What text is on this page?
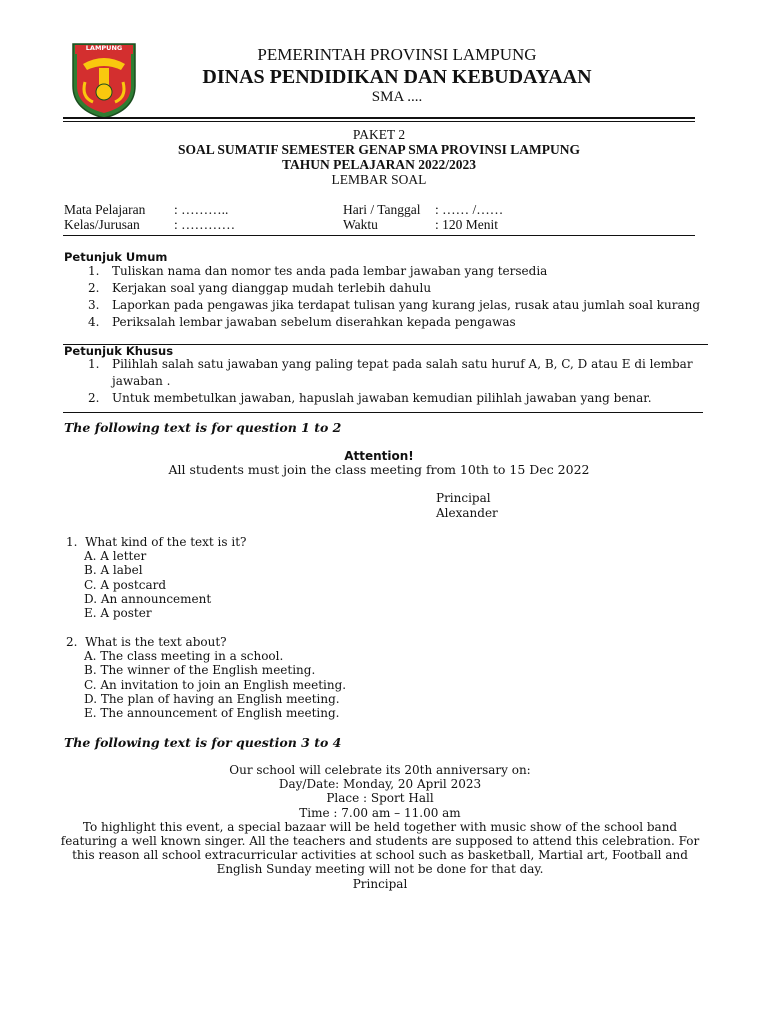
LAMPUNG	PEMERINTAH PROVINSI LAMPUNG
DINAS PENDIDIKAN DAN KEBUDAYAAN
SMA ....
PAKET 2
SOAL SUMATIF SEMESTER GENAP SMA PROVINSI LAMPUNG
TAHUN PELAJARAN 2022/2023
LEMBAR SOAL
Mata Pelajaran : ………..	Hari / Tanggal : …… /……
Kelas/Jurusan	: …………	Waktu	: 120 Menit
Petunjuk Umum
1. Tuliskan nama dan nomor tes anda pada lembar jawaban yang tersedia
2. Kerjakan soal yang dianggap mudah terlebih dahulu
3. Laporkan pada pengawas jika terdapat tulisan yang kurang jelas, rusak atau jumlah soal kurang
4. Periksalah lembar jawaban sebelum diserahkan kepada pengawas
Petunjuk Khusus
1. Pilihlah salah satu jawaban yang paling tepat pada salah satu huruf A, B, C, D atau E di lembar jawaban .
2. Untuk membetulkan jawaban, hapuslah jawaban kemudian pilihlah jawaban yang benar.
The following text is for question 1 to 2
Attention!
All students must join the class meeting from 10th to 15 Dec 2022
Principal
Alexander
1. What kind of the text is it?
A. A letter
B. A label
C. A postcard
D. An announcement
E. A poster
2. What is the text about?
A. The class meeting in a school.
B. The winner of the English meeting.
C. An invitation to join an English meeting.
D. The plan of having an English meeting.
E. The announcement of English meeting.
The following text is for question 3 to 4
Our school will celebrate its 20th anniversary on:
Day/Date: Monday, 20 April 2023
Place : Sport Hall
Time : 7.00 am – 11.00 am
To highlight this event, a special bazaar will be held together with music show of the school band
featuring a well known singer. All the teachers and students are supposed to attend this celebration. For
this reason all school extracurricular activities at school such as basketball, Martial art, Football and
English Sunday meeting will not be done for that day.
Principal
